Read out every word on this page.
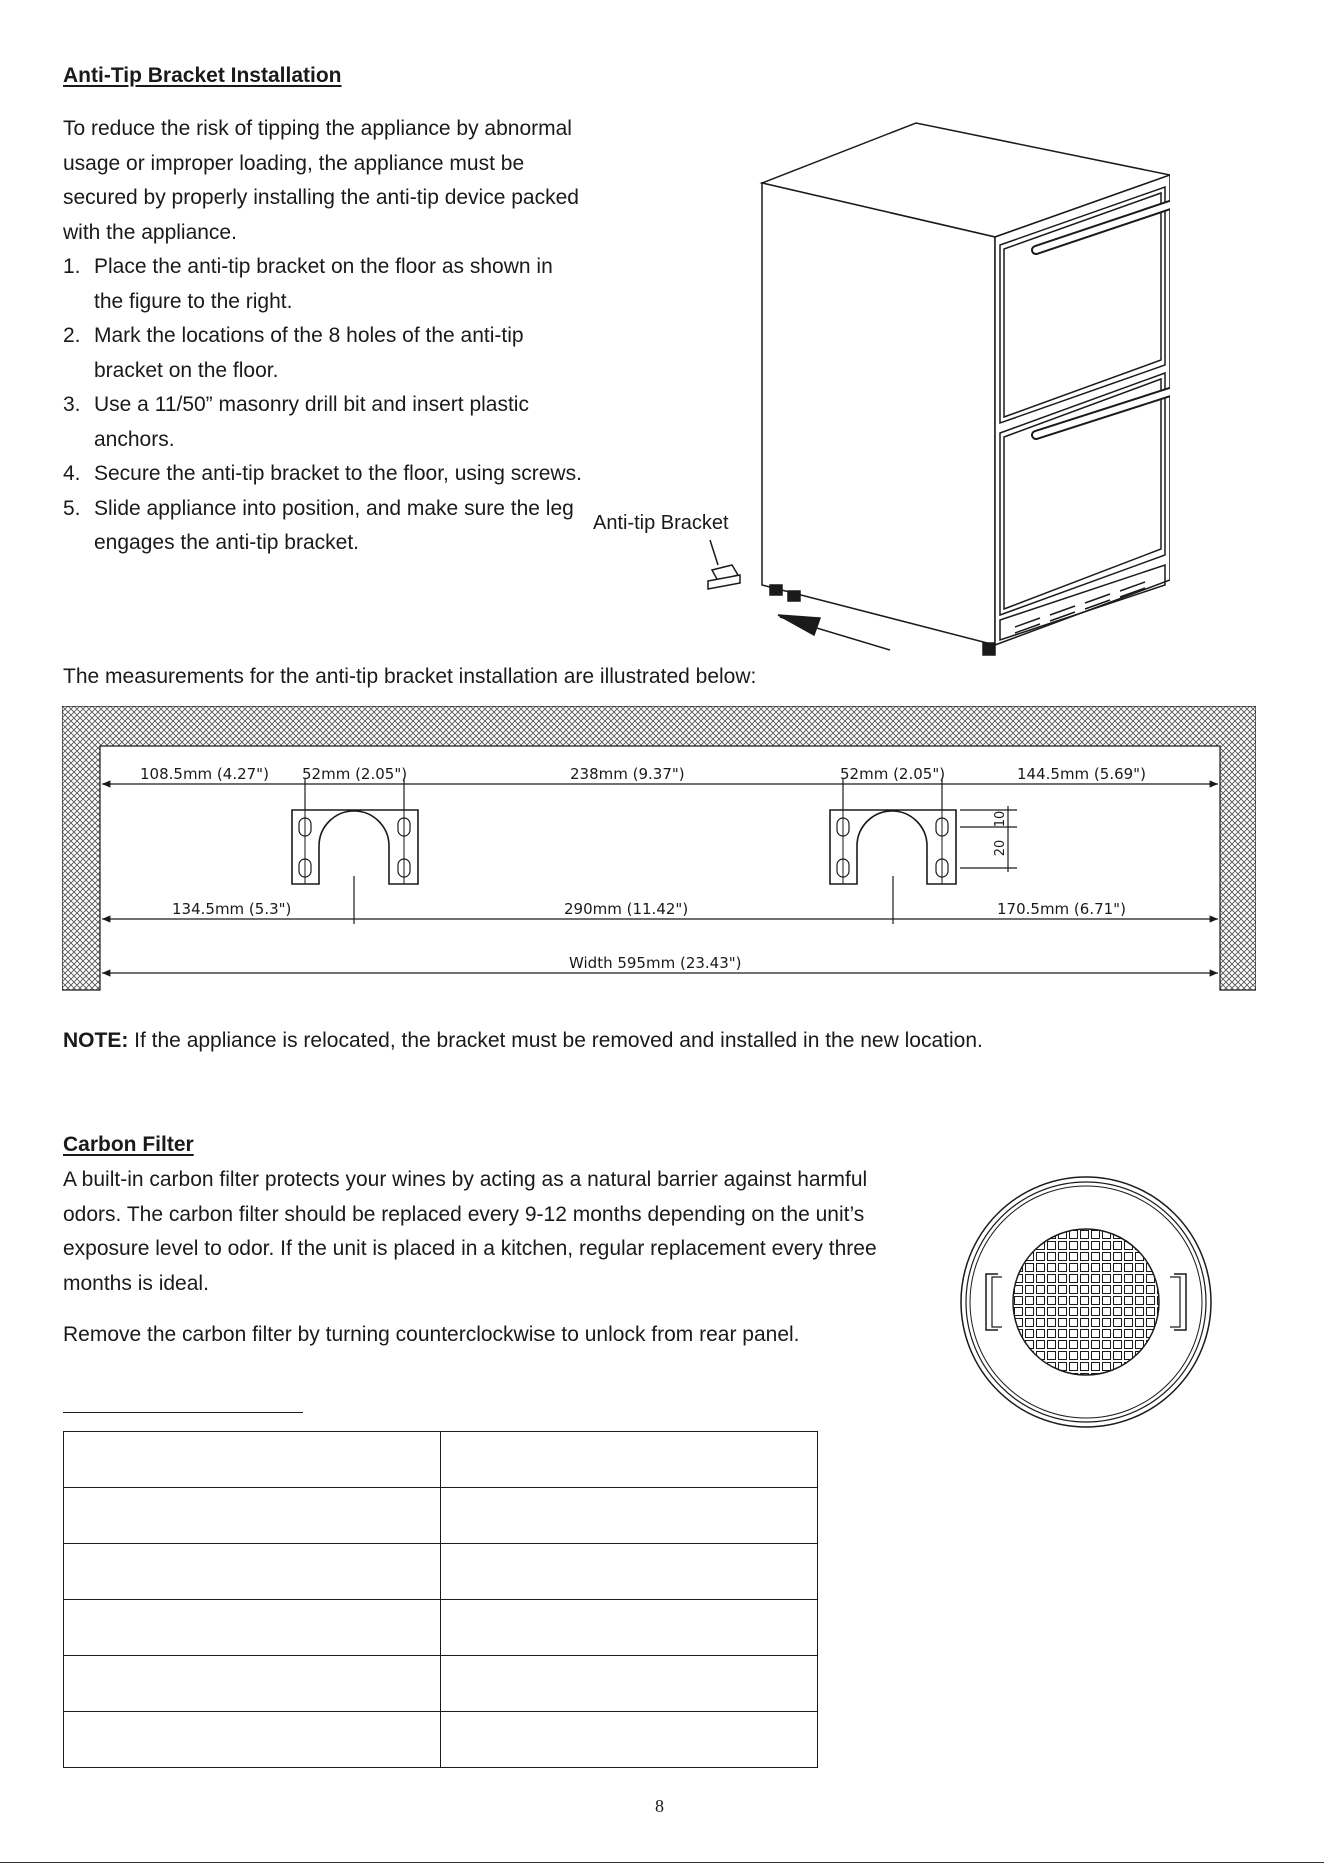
Anti-Tip Bracket Installation
To reduce the risk of tipping the appliance by abnormal usage or improper loading, the appliance must be secured by properly installing the anti-tip device packed with the appliance.
1. Place the anti-tip bracket on the floor as shown in the figure to the right.
2. Mark the locations of the 8 holes of the anti-tip bracket on the floor.
3. Use a 11/50” masonry drill bit and insert plastic anchors.
4. Secure the anti-tip bracket to the floor, using screws.
5. Slide appliance into position, and make sure the leg engages the anti-tip bracket.
Anti-tip Bracket
The measurements for the anti-tip bracket installation are illustrated below:
108.5mm (4.27") 52mm (2.05")	238mm (9.37")	52mm (2.05")	144.5mm (5.69")
134.5mm (5.3")	290mm (11.42")	170.5mm (6.71")
Width 595mm (23.43")
10
20
NOTE: If the appliance is relocated, the bracket must be removed and installed in the new location.
Carbon Filter
A built-in carbon filter protects your wines by acting as a natural barrier against harmful odors. The carbon filter should be replaced every 9-12 months depending on the unit’s exposure level to odor. If the unit is placed in a kitchen, regular replacement every three months is ideal.
Remove the carbon filter by turning counterclockwise to unlock from rear panel.

8
